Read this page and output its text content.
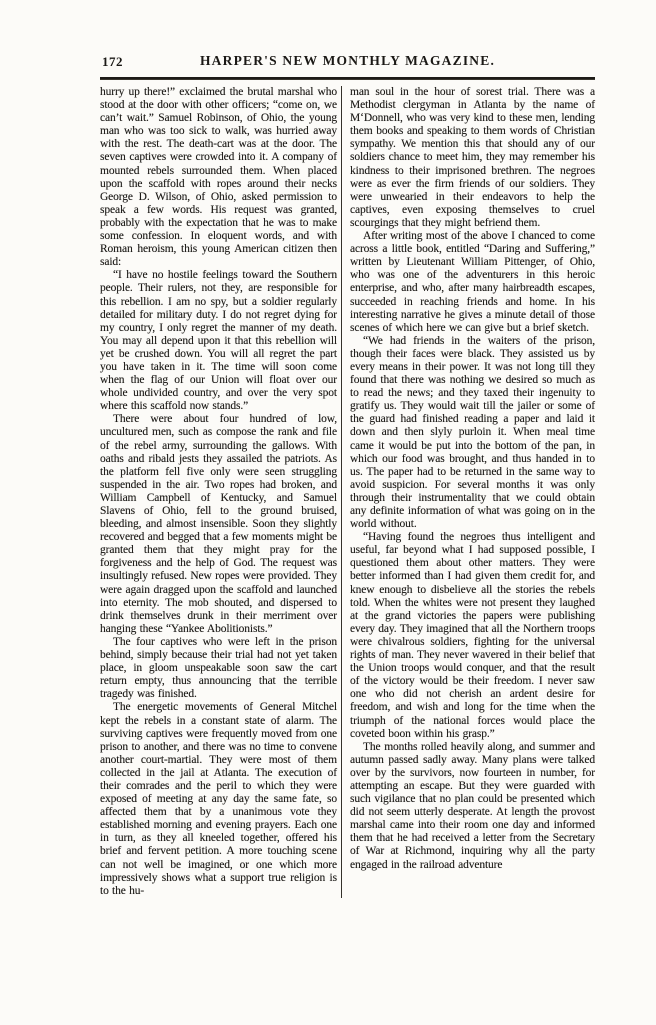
172	HARPER'S NEW MONTHLY MAGAZINE.

hurry up there!” exclaimed the brutal marshal who stood at the door with other officers; “come on, we can’t wait.” Samuel Robinson, of Ohio, the young man who was too sick to walk, was hurried away with the rest. The death-cart was at the door. The seven captives were crowded into it. A company of mounted rebels surrounded them. When placed upon the scaffold with ropes around their necks George D. Wilson, of Ohio, asked permission to speak a few words. His request was granted, probably with the expectation that he was to make some confession. In eloquent words, and with Roman heroism, this young American citizen then said:

“I have no hostile feelings toward the Southern people. Their rulers, not they, are responsible for this rebellion. I am no spy, but a soldier regularly detailed for military duty. I do not regret dying for my country, I only regret the manner of my death. You may all depend upon it that this rebellion will yet be crushed down. You will all regret the part you have taken in it. The time will soon come when the flag of our Union will float over our whole undivided country, and over the very spot where this scaffold now stands.”

There were about four hundred of low, uncultured men, such as compose the rank and file of the rebel army, surrounding the gallows. With oaths and ribald jests they assailed the patriots. As the platform fell five only were seen struggling suspended in the air. Two ropes had broken, and William Campbell of Kentucky, and Samuel Slavens of Ohio, fell to the ground bruised, bleeding, and almost insensible. Soon they slightly recovered and begged that a few moments might be granted them that they might pray for the forgiveness and the help of God. The request was insultingly refused. New ropes were provided. They were again dragged upon the scaffold and launched into eternity. The mob shouted, and dispersed to drink themselves drunk in their merriment over hanging these “Yankee Abolitionists.”

The four captives who were left in the prison behind, simply because their trial had not yet taken place, in gloom unspeakable soon saw the cart return empty, thus announcing that the terrible tragedy was finished.

The energetic movements of General Mitchel kept the rebels in a constant state of alarm. The surviving captives were frequently moved from one prison to another, and there was no time to convene another court-martial. They were most of them collected in the jail at Atlanta. The execution of their comrades and the peril to which they were exposed of meeting at any day the same fate, so affected them that by a unanimous vote they established morning and evening prayers. Each one in turn, as they all kneeled together, offered his brief and fervent petition. A more touching scene can not well be imagined, or one which more impressively shows what a support true religion is to the hu-

man soul in the hour of sorest trial. There was a Methodist clergyman in Atlanta by the name of M‘Donnell, who was very kind to these men, lending them books and speaking to them words of Christian sympathy. We mention this that should any of our soldiers chance to meet him, they may remember his kindness to their imprisoned brethren. The negroes were as ever the firm friends of our soldiers. They were unwearied in their endeavors to help the captives, even exposing themselves to cruel scourgings that they might befriend them.

After writing most of the above I chanced to come across a little book, entitled “Daring and Suffering,” written by Lieutenant William Pittenger, of Ohio, who was one of the adventurers in this heroic enterprise, and who, after many hairbreadth escapes, succeeded in reaching friends and home. In his interesting narrative he gives a minute detail of those scenes of which here we can give but a brief sketch.

“We had friends in the waiters of the prison, though their faces were black. They assisted us by every means in their power. It was not long till they found that there was nothing we desired so much as to read the news; and they taxed their ingenuity to gratify us. They would wait till the jailer or some of the guard had finished reading a paper and laid it down and then slyly purloin it. When meal time came it would be put into the bottom of the pan, in which our food was brought, and thus handed in to us. The paper had to be returned in the same way to avoid suspicion. For several months it was only through their instrumentality that we could obtain any definite information of what was going on in the world without.

“Having found the negroes thus intelligent and useful, far beyond what I had supposed possible, I questioned them about other matters. They were better informed than I had given them credit for, and knew enough to disbelieve all the stories the rebels told. When the whites were not present they laughed at the grand victories the papers were publishing every day. They imagined that all the Northern troops were chivalrous soldiers, fighting for the universal rights of man. They never wavered in their belief that the Union troops would conquer, and that the result of the victory would be their freedom. I never saw one who did not cherish an ardent desire for freedom, and wish and long for the time when the triumph of the national forces would place the coveted boon within his grasp.”

The months rolled heavily along, and summer and autumn passed sadly away. Many plans were talked over by the survivors, now fourteen in number, for attempting an escape. But they were guarded with such vigilance that no plan could be presented which did not seem utterly desperate. At length the provost marshal came into their room one day and informed them that he had received a letter from the Secretary of War at Richmond, inquiring why all the party engaged in the railroad adventure
